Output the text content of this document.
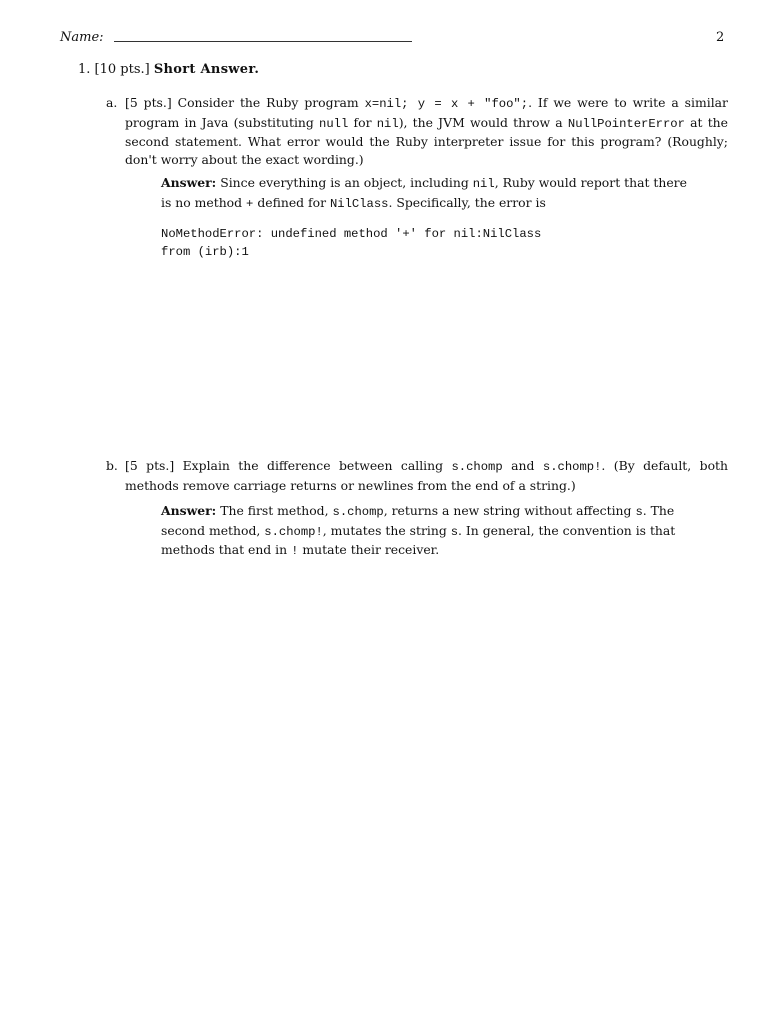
Name:	2
1. [10 pts.] Short Answer.
a. [5 pts.] Consider the Ruby program x=nil; y = x + "foo";. If we were to write a similar program in Java (substituting null for nil), the JVM would throw a NullPointerError at the second statement. What error would the Ruby interpreter issue for this program? (Roughly; don't worry about the exact wording.)
Answer: Since everything is an object, including nil, Ruby would report that there is no method + defined for NilClass. Specifically, the error is
NoMethodError: undefined method '+' for nil:NilClass
from (irb):1
b. [5 pts.] Explain the difference between calling s.chomp and s.chomp!. (By default, both methods remove carriage returns or newlines from the end of a string.)
Answer: The first method, s.chomp, returns a new string without affecting s. The second method, s.chomp!, mutates the string s. In general, the convention is that methods that end in ! mutate their receiver.
